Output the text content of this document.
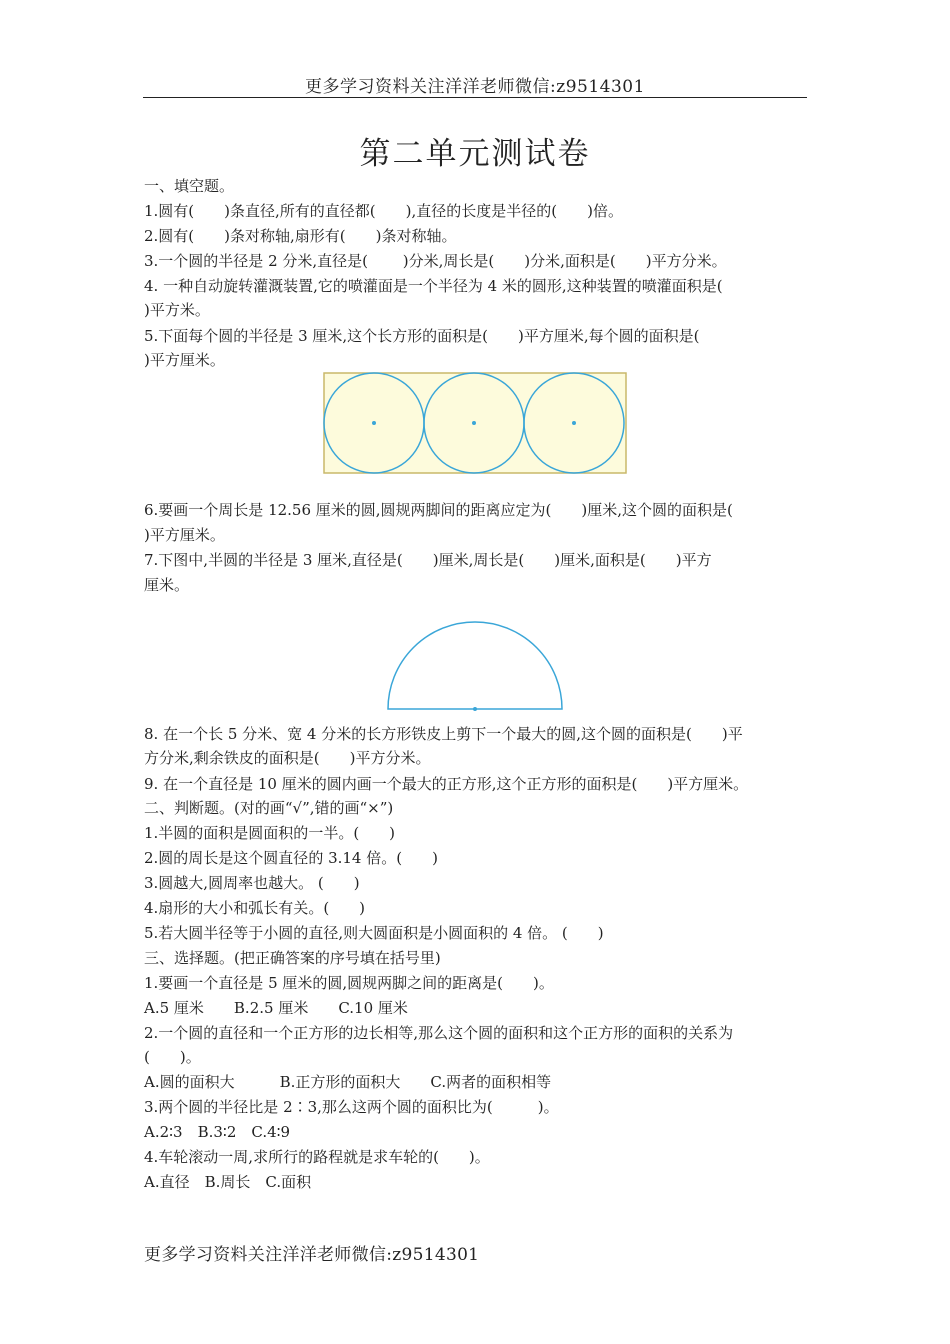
更多学习资料关注洋洋老师微信:z9514301
第二单元测试卷
一、填空题。
1.圆有(　　)条直径,所有的直径都(　　),直径的长度是半径的(　　)倍。
2.圆有(　　)条对称轴,扇形有(　　)条对称轴。
3.一个圆的半径是 2 分米,直径是(　　 )分米,周长是(　　)分米,面积是(　　)平方分米。
4. 一种自动旋转灌溉装置,它的喷灌面是一个半径为 4 米的圆形,这种装置的喷灌面积是(
)平方米。
5.下面每个圆的半径是 3 厘米,这个长方形的面积是(　　)平方厘米,每个圆的面积是(
)平方厘米。
6.要画一个周长是 12.56 厘米的圆,圆规两脚间的距离应定为(　　)厘米,这个圆的面积是(
)平方厘米。
7.下图中,半圆的半径是 3 厘米,直径是(　　)厘米,周长是(　　)厘米,面积是(　　)平方
厘米。
8. 在一个长 5 分米、宽 4 分米的长方形铁皮上剪下一个最大的圆,这个圆的面积是(　　)平
方分米,剩余铁皮的面积是(　　)平方分米。
9. 在一个直径是 10 厘米的圆内画一个最大的正方形,这个正方形的面积是(　　)平方厘米。
二、判断题。(对的画“√”,错的画“×”)
1.半圆的面积是圆面积的一半。(　　)
2.圆的周长是这个圆直径的 3.14 倍。(　　)
3.圆越大,圆周率也越大。 (　　)
4.扇形的大小和弧长有关。(　　)
5.若大圆半径等于小圆的直径,则大圆面积是小圆面积的 4 倍。 (　　)
三、选择题。(把正确答案的序号填在括号里)
1.要画一个直径是 5 厘米的圆,圆规两脚之间的距离是(　　)。
A.5 厘米　　B.2.5 厘米　　C.10 厘米
2.一个圆的直径和一个正方形的边长相等,那么这个圆的面积和这个正方形的面积的关系为
(　　)。
A.圆的面积大　　　B.正方形的面积大　　C.两者的面积相等
3.两个圆的半径比是 2∶3,那么这两个圆的面积比为(　　　)。
A.2∶3　B.3∶2　C.4∶9
4.车轮滚动一周,求所行的路程就是求车轮的(　　)。
A.直径　B.周长　C.面积
更多学习资料关注洋洋老师微信:z9514301
